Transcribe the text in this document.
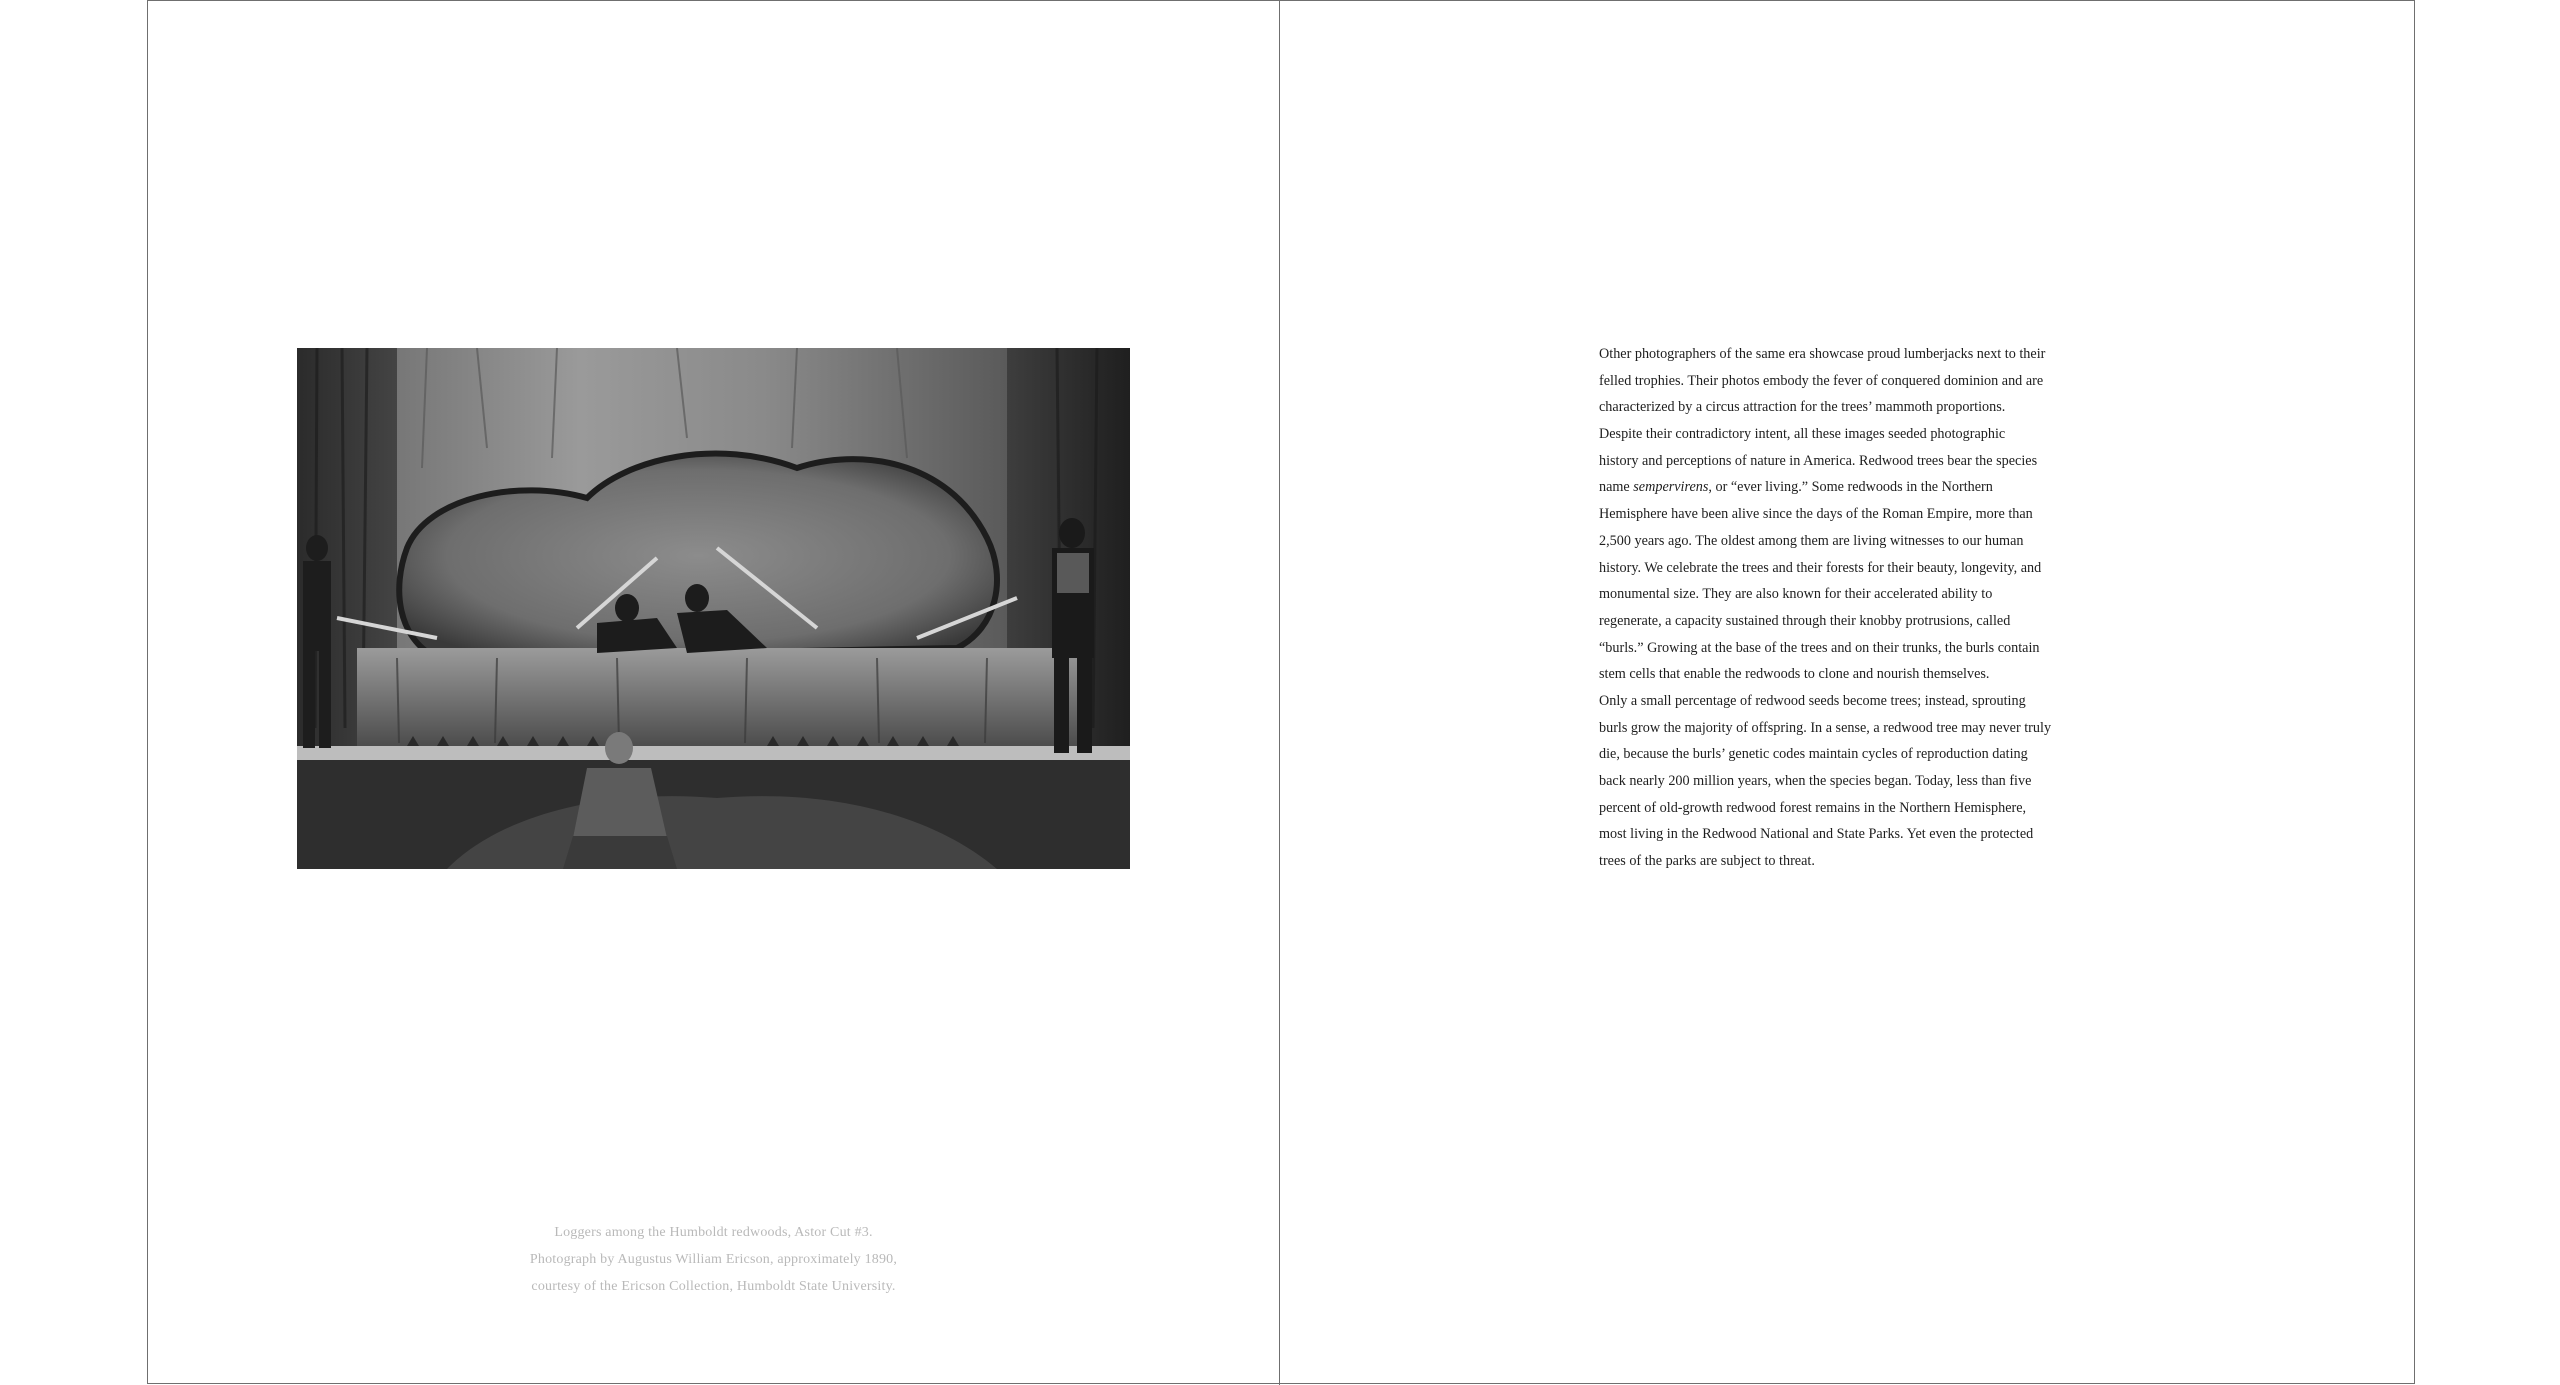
Loggers among the Humboldt redwoods, Astor Cut #3.
Photograph by Augustus William Ericson, approximately 1890,
courtesy of the Ericson Collection, Humboldt State University.
Other photographers of the same era showcase proud lumberjacks next to their
felled trophies. Their photos embody the fever of conquered dominion and are
characterized by a circus attraction for the trees’ mammoth proportions.
Despite their contradictory intent, all these images seeded photographic
history and perceptions of nature in America. Redwood trees bear the species
name sempervirens, or “ever living.” Some redwoods in the Northern
Hemisphere have been alive since the days of the Roman Empire, more than
2,500 years ago. The oldest among them are living witnesses to our human
history. We celebrate the trees and their forests for their beauty, longevity, and
monumental size. They are also known for their accelerated ability to
regenerate, a capacity sustained through their knobby protrusions, called
“burls.” Growing at the base of the trees and on their trunks, the burls contain
stem cells that enable the redwoods to clone and nourish themselves.
Only a small percentage of redwood seeds become trees; instead, sprouting
burls grow the majority of offspring. In a sense, a redwood tree may never truly
die, because the burls’ genetic codes maintain cycles of reproduction dating
back nearly 200 million years, when the species began. Today, less than five
percent of old-growth redwood forest remains in the Northern Hemisphere,
most living in the Redwood National and State Parks. Yet even the protected
trees of the parks are subject to threat.
